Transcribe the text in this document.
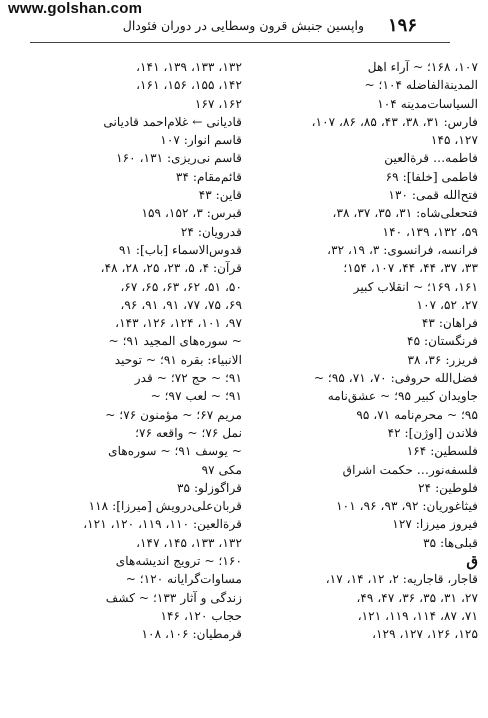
www.golshan.com
واپسین جنبش قرون وسطایی در دوران فئودال ۱۹۶
۱۰۷، ۱۶۸؛ ~ آراء اهل
المدینةالفاضله ۱۰۴؛ ~
السیاسات‌مدینه ۱۰۴
فارس: ۳۱، ۳۸، ۴۳، ۸۵، ۸۶، ۱۰۷،
۱۲۷، ۱۴۵
فاطمه… قرة‌العین
فاطمی [خلفا]: ۶۹
فتح‌الله قمی: ۱۳۰
فتحعلی‌شاه: ۳۱، ۳۵، ۳۷، ۳۸،
۵۹، ۱۳۲، ۱۳۹، ۱۴۰
فرانسه، فرانسوی: ۳، ۱۹، ۳۲،
۳۳، ۳۷، ۴۴، ۴۴، ۱۰۷، ۱۵۴؛
۱۶۱، ۱۶۹؛ ~ انقلاب کبیر
۲۷، ۵۲، ۱۰۷
فراهان: ۴۳
فرنگستان: ۴۵
فریزر: ۳۶، ۳۸
فضل‌الله حروفی: ۷۰، ۷۱، ۹۵؛ ~
جاویدان کبیر ۹۵؛ ~ عشق‌نامه
۹۵؛ ~ محرم‌نامه ۷۱، ۹۵
فلاندن [اوژن]: ۴۲
فلسطین: ۱۶۴
فلسفه‌نور… حکمت اشراق
فلوطین: ۲۴
فیثاغوریان: ۹۲، ۹۳، ۹۶، ۱۰۱
فیروز میرزا: ۱۲۷
قبلی‌ها: ۳۵
ق
قاجار، قاجاریه: ۲، ۱۲، ۱۴، ۱۷،
۲۷، ۳۱، ۳۵، ۳۶، ۴۷، ۴۹،
۷۱، ۸۷، ۱۱۴، ۱۱۹، ۱۲۱،
۱۲۵، ۱۲۶، ۱۲۷، ۱۲۹،
۱۳۲، ۱۳۳، ۱۳۹، ۱۴۱،
۱۴۲، ۱۵۵، ۱۵۶، ۱۶۱،
۱۶۲، ۱۶۷
قادیانی ← غلام‌احمد قادیانی
قاسم انوار: ۱۰۷
قاسم نی‌ریزی: ۱۳۱، ۱۶۰
قائم‌مقام: ۳۴
قاین: ۴۳
قبرس: ۳، ۱۵۲، ۱۵۹
قدرویان: ۲۴
قدوس‌الاسماء [باب]: ۹۱
قرآن: ۴، ۵، ۲۳، ۲۵، ۲۸، ۴۸،
۵۰، ۵۱، ۶۲، ۶۳، ۶۵، ۶۷،
۶۹، ۷۵، ۷۷، ۹۱، ۹۱، ۹۶،
۹۷، ۱۰۱، ۱۲۴، ۱۲۶، ۱۴۳،
~ سوره‌های المجید ۹۱؛ ~
الانبیاء: بقره ۹۱؛ ~ توحید
۹۱؛ ~ حج ۷۲؛ ~ قدر
۹۱؛ ~ لعب ۹۷؛ ~
مریم ۶۷؛ ~ مؤمنون ۷۶؛ ~
نمل ۷۶؛ ~ واقعه ۷۶؛
~ یوسف ۹۱؛ ~ سوره‌های
مکی ۹۷
قراگوزلو: ۳۵
قربان‌علی‌درویش [میرزا]: ۱۱۸
قرةالعین: ۱۱۰، ۱۱۹، ۱۲۰، ۱۲۱،
۱۳۲، ۱۳۳، ۱۴۵، ۱۴۷،
۱۶۰؛ ~ ترویج اندیشه‌های
مساوات‌گرایانه ۱۲۰؛ ~
زندگی و آثار ۱۳۳؛ ~ کشف
حجاب ۱۲۰، ۱۴۶
قرمطیان: ۱۰۶، ۱۰۸
